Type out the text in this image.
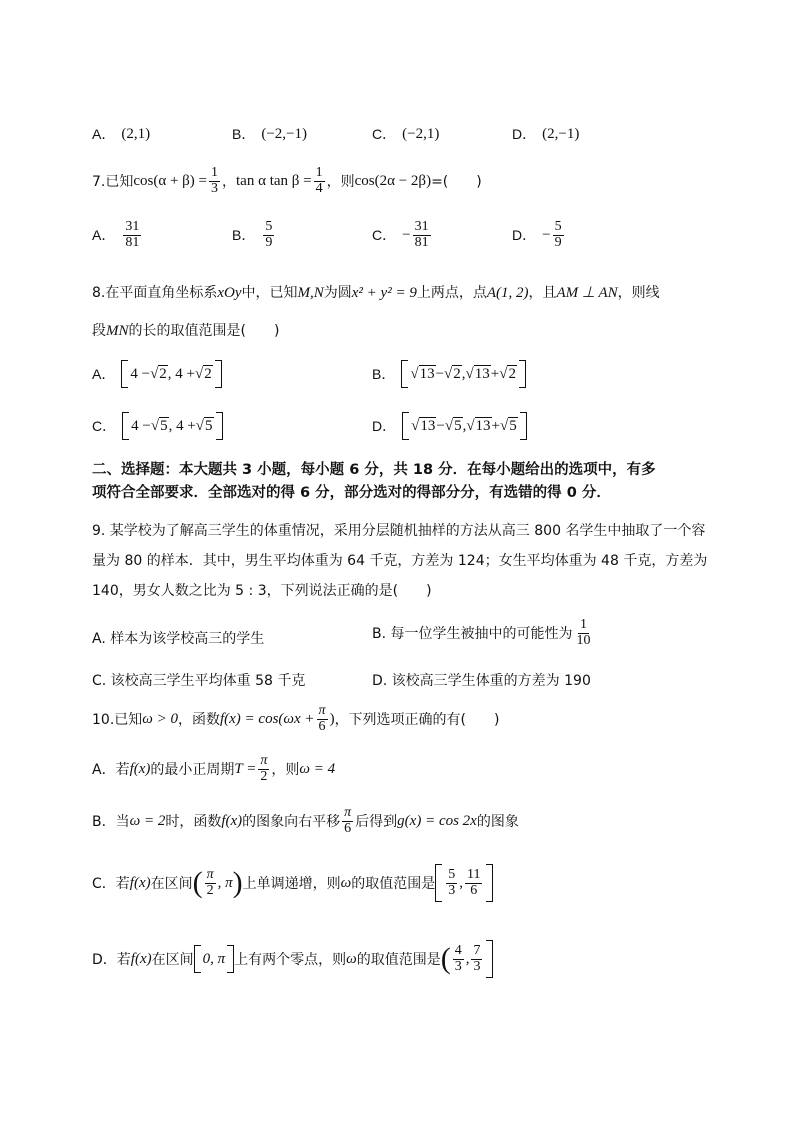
A． (2,1)	B． (−2,−1)	C． (−2,1)	D． (2,−1)
7.已知 $\cos(\alpha + \beta) = \frac{1}{3}$ ， tan α $\tan \beta = \frac{1}{4}$ ，则 cos(2α − 2β) =(　　)
A． $\frac{31}{81}$	B． $\frac{5}{9}$	C． − $\frac{31}{81}$	D． − $\frac{5}{9}$
8.在平面直角坐标系xOy中，已知M,N为圆x² + y² = 9上两点，点A(1, 2)，且AM ⊥ AN，则线
段MN的长的取值范围是(　　)
A． 4 − √ 2 , 4 + √ 2	B． √ 13 − √ 2 , √ 13 + √ 2
C． 4 − √ 5 , 4 + √ 5	D． √ 13 − √ 5 , √ 13 + √ 5
二、选择题：本大题共 3 小题，每小题 6 分，共 18 分．在每小题给出的选项中，有多
项符合全部要求．全部选对的得 6 分，部分选对的得部分分，有选错的得 0 分．
9. 某学校为了解高三学生的体重情况，采用分层随机抽样的方法从高三 800 名学生中抽取了一个容
量为 80 的样本．其中，男生平均体重为 64 千克，方差为 124；女生平均体重为 48 千克，方差为
140，男女人数之比为 5 : 3，下列说法正确的是(　　)
A. 样本为该学校高三的学生	B. 每一位学生被抽中的可能性为 $\frac{1}{10}$
C. 该校高三学生平均体重 58 千克	D. 该校高三学生体重的方差为 190
10.已知 ω > 0 ，函数 $f(x) = \cos(\omega x + \frac{\pi}{6}$ ) ，下列选项正确的有(　　)
A．若 f(x) 的最小正周期 $T = \frac{\pi}{2}$ ，则 ω = 4
B．当 ω = 2 时，函数 f(x) 的图象向右平移 $\frac{\pi}{6}$ 后得到 g(x) = cos 2x 的图象
C．若 f(x) 在区间 ( $\frac{\pi}{2}$ , π ) 上单调递增，则 ω 的取值范围是 $\frac{5}{3}$ , $\frac{11}{6}$
D．若 f(x) 在区间 0, π 上有两个零点，则 ω 的取值范围是 ( $\frac{4}{3}$ , $\frac{7}{3}$
